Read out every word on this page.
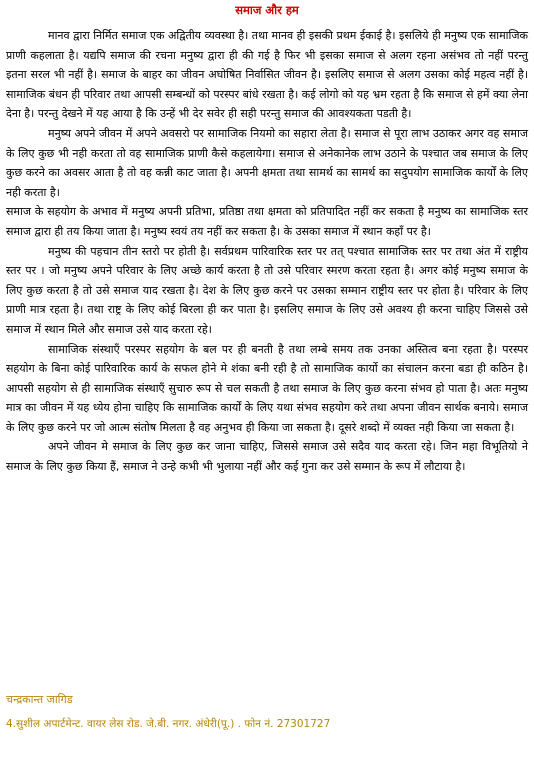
समाज और हम

मानव द्वारा निर्मित समाज एक अद्वितीय व्यवस्था है। तथा मानव ही इसकी प्रथम ईकाई है। इसलिये ही मनुष्य एक सामाजिक प्राणी कहलाता है। यद्यपि समाज की रचना मनुष्य द्वारा ही की गई है फिर भी इसका समाज से अलग रहना असंभव तो नहीं परन्तु इतना सरल भी नहीं है। समाज के बाहर का जीवन अघोषित निर्वासित जीवन है। इसलिए समाज से अलग उसका कोई महत्व नहीं है। सामाजिक बंधन ही परिवार तथा आपसी सम्बन्धों को परस्पर बांधे रखता है। कई लोगो को यह भ्रम रहता है कि समाज से हमें क्या लेना देना है। परन्तु देखने में यह आया है कि उन्हें भी देर सवेर ही सही परन्तु समाज की आवश्यकता पडती है।

मनुष्य अपने जीवन में अपने अवसरो पर सामाजिक नियमो का सहारा लेता है। समाज से पूरा लाभ उठाकर अगर वह समाज के लिए कुछ भी नही करता तो वह सामाजिक प्राणी कैसे कहलायेगा। समाज से अनेकानेक लाभ उठाने के पश्चात जब समाज के लिए कुछ करने का अवसर आता है तो वह कन्नी काट जाता है। अपनी क्षमता तथा सामर्थ का सामर्थ का सदुपयोग सामाजिक कार्यों के लिए नही करता है।

समाज के सहयोग के अभाव में मनुष्य अपनी प्रतिभा, प्रतिष्ठा तथा क्षमता को प्रतिपादित नहीं कर सकता है मनुष्य का सामाजिक स्तर समाज द्वारा ही तय किया जाता है। मनुष्य स्वयं तय नहीं कर सकता है। के उसका समाज में स्थान कहाँ पर है।

मनुष्य की पहचान तीन स्तरो पर होती है। सर्वप्रथम पारिवारिक स्तर पर तत् पश्चात सामाजिक स्तर पर तथा अंत में राष्ट्रीय स्तर पर । जो मनुष्य अपने परिवार के लिए अच्छे कार्य करता है तो उसे परिवार स्मरण करता रहता है। अगर कोई मनुष्य समाज के लिए कुछ करता है तो उसे समाज याद रखता है। देश के लिए कुछ करने पर उसका सम्मान राष्ट्रीय स्तर पर होता है। परिवार के लिए प्राणी मात्र रहता है। तथा राष्ट्र के लिए कोई बिरला ही कर पाता है। इसलिए समाज के लिए उसे अवश्य ही करना चाहिए जिससे उसे समाज में स्थान मिले और समाज उसे याद करता रहे।

सामाजिक संस्थाएँ परस्पर सहयोग के बल पर ही बनती है तथा लम्बे समय तक उनका अस्तित्व बना रहता है। परस्पर सहयोग के बिना कोई पारिवारिक कार्य के सफल होने मे शंका बनी रही है तो सामाजिक कार्यो का संचालन करना बडा ही कठिन है। आपसी सहयोग से ही सामाजिक संस्थाएँ सुचारु रूप से चल सकती है तथा समाज के लिए कुछ करना संभव हो पाता है। अतः मनुष्य मात्र का जीवन में यह ध्येय होना चाहिए कि सामाजिक कार्यों के लिए यथा संभव सहयोग करे तथा अपना जीवन सार्थक बनाये। समाज के लिए कुछ करने पर जो आत्म संतोष मिलता है वह अनुभव ही किया जा सकता है। दूसरे शब्दो में व्यक्त नही किया जा सकता है।

अपने जीवन मे समाज के लिए कुछ कर जाना चाहिए, जिससे समाज उसे सदैव याद करता रहे। जिन महा विभूतियो ने समाज के लिए कुछ किया हैं, समाज ने उन्हे कभी भी भुलाया नहीं और कई गुना कर उसे सम्मान के रूप में लौटाया है।

चन्द्रकान्त जागिड

4.सुशील अपार्टमेन्ट. वायर लेस रोड. जे.बी. नगर. अंधेरी(पू.) . फोन नं. 27301727
